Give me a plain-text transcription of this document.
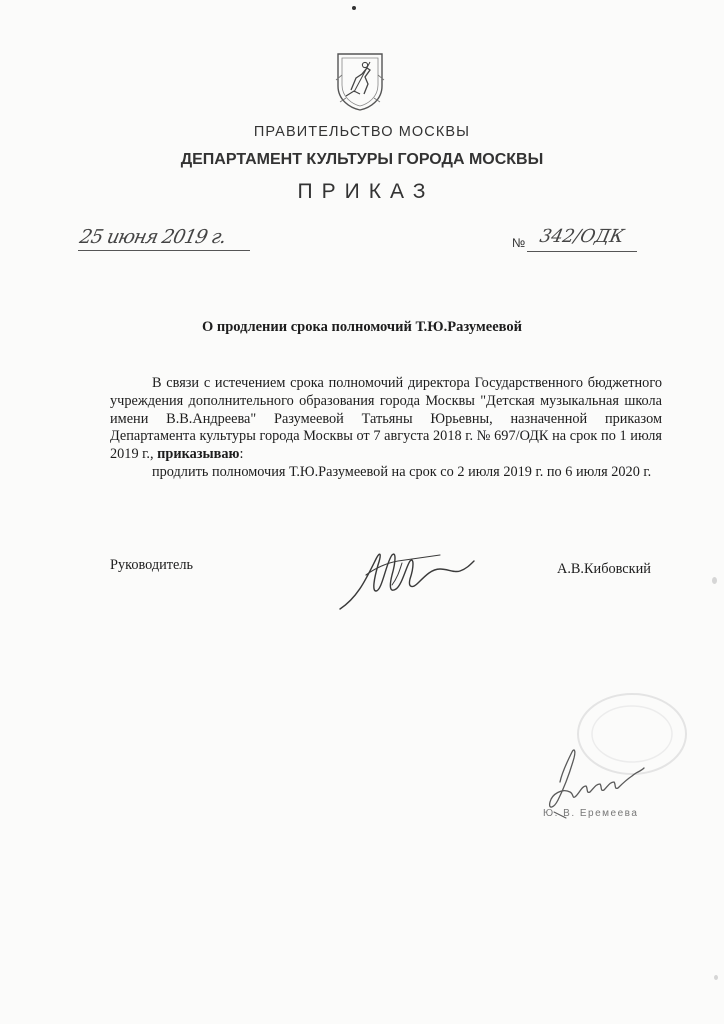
ПРАВИТЕЛЬСТВО МОСКВЫ
ДЕПАРТАМЕНТ КУЛЬТУРЫ ГОРОДА МОСКВЫ
ПРИКАЗ
25 июня 2019 г.	№ 342/ОДК
О продлении срока полномочий Т.Ю.Разумеевой

В связи с истечением срока полномочий директора Государственного бюджетного учреждения дополнительного образования города Москвы "Детская музыкальная школа имени В.В.Андреева" Разумеевой Татьяны Юрьевны, назначенной приказом Департамента культуры города Москвы от 7 августа 2018 г. № 697/ОДК на срок по 1 июля 2019 г., приказываю:

продлить полномочия Т.Ю.Разумеевой на срок со 2 июля 2019 г. по 6 июля 2020 г.

Руководитель	А.В.Кибовский
Ю. В. Еремеева
